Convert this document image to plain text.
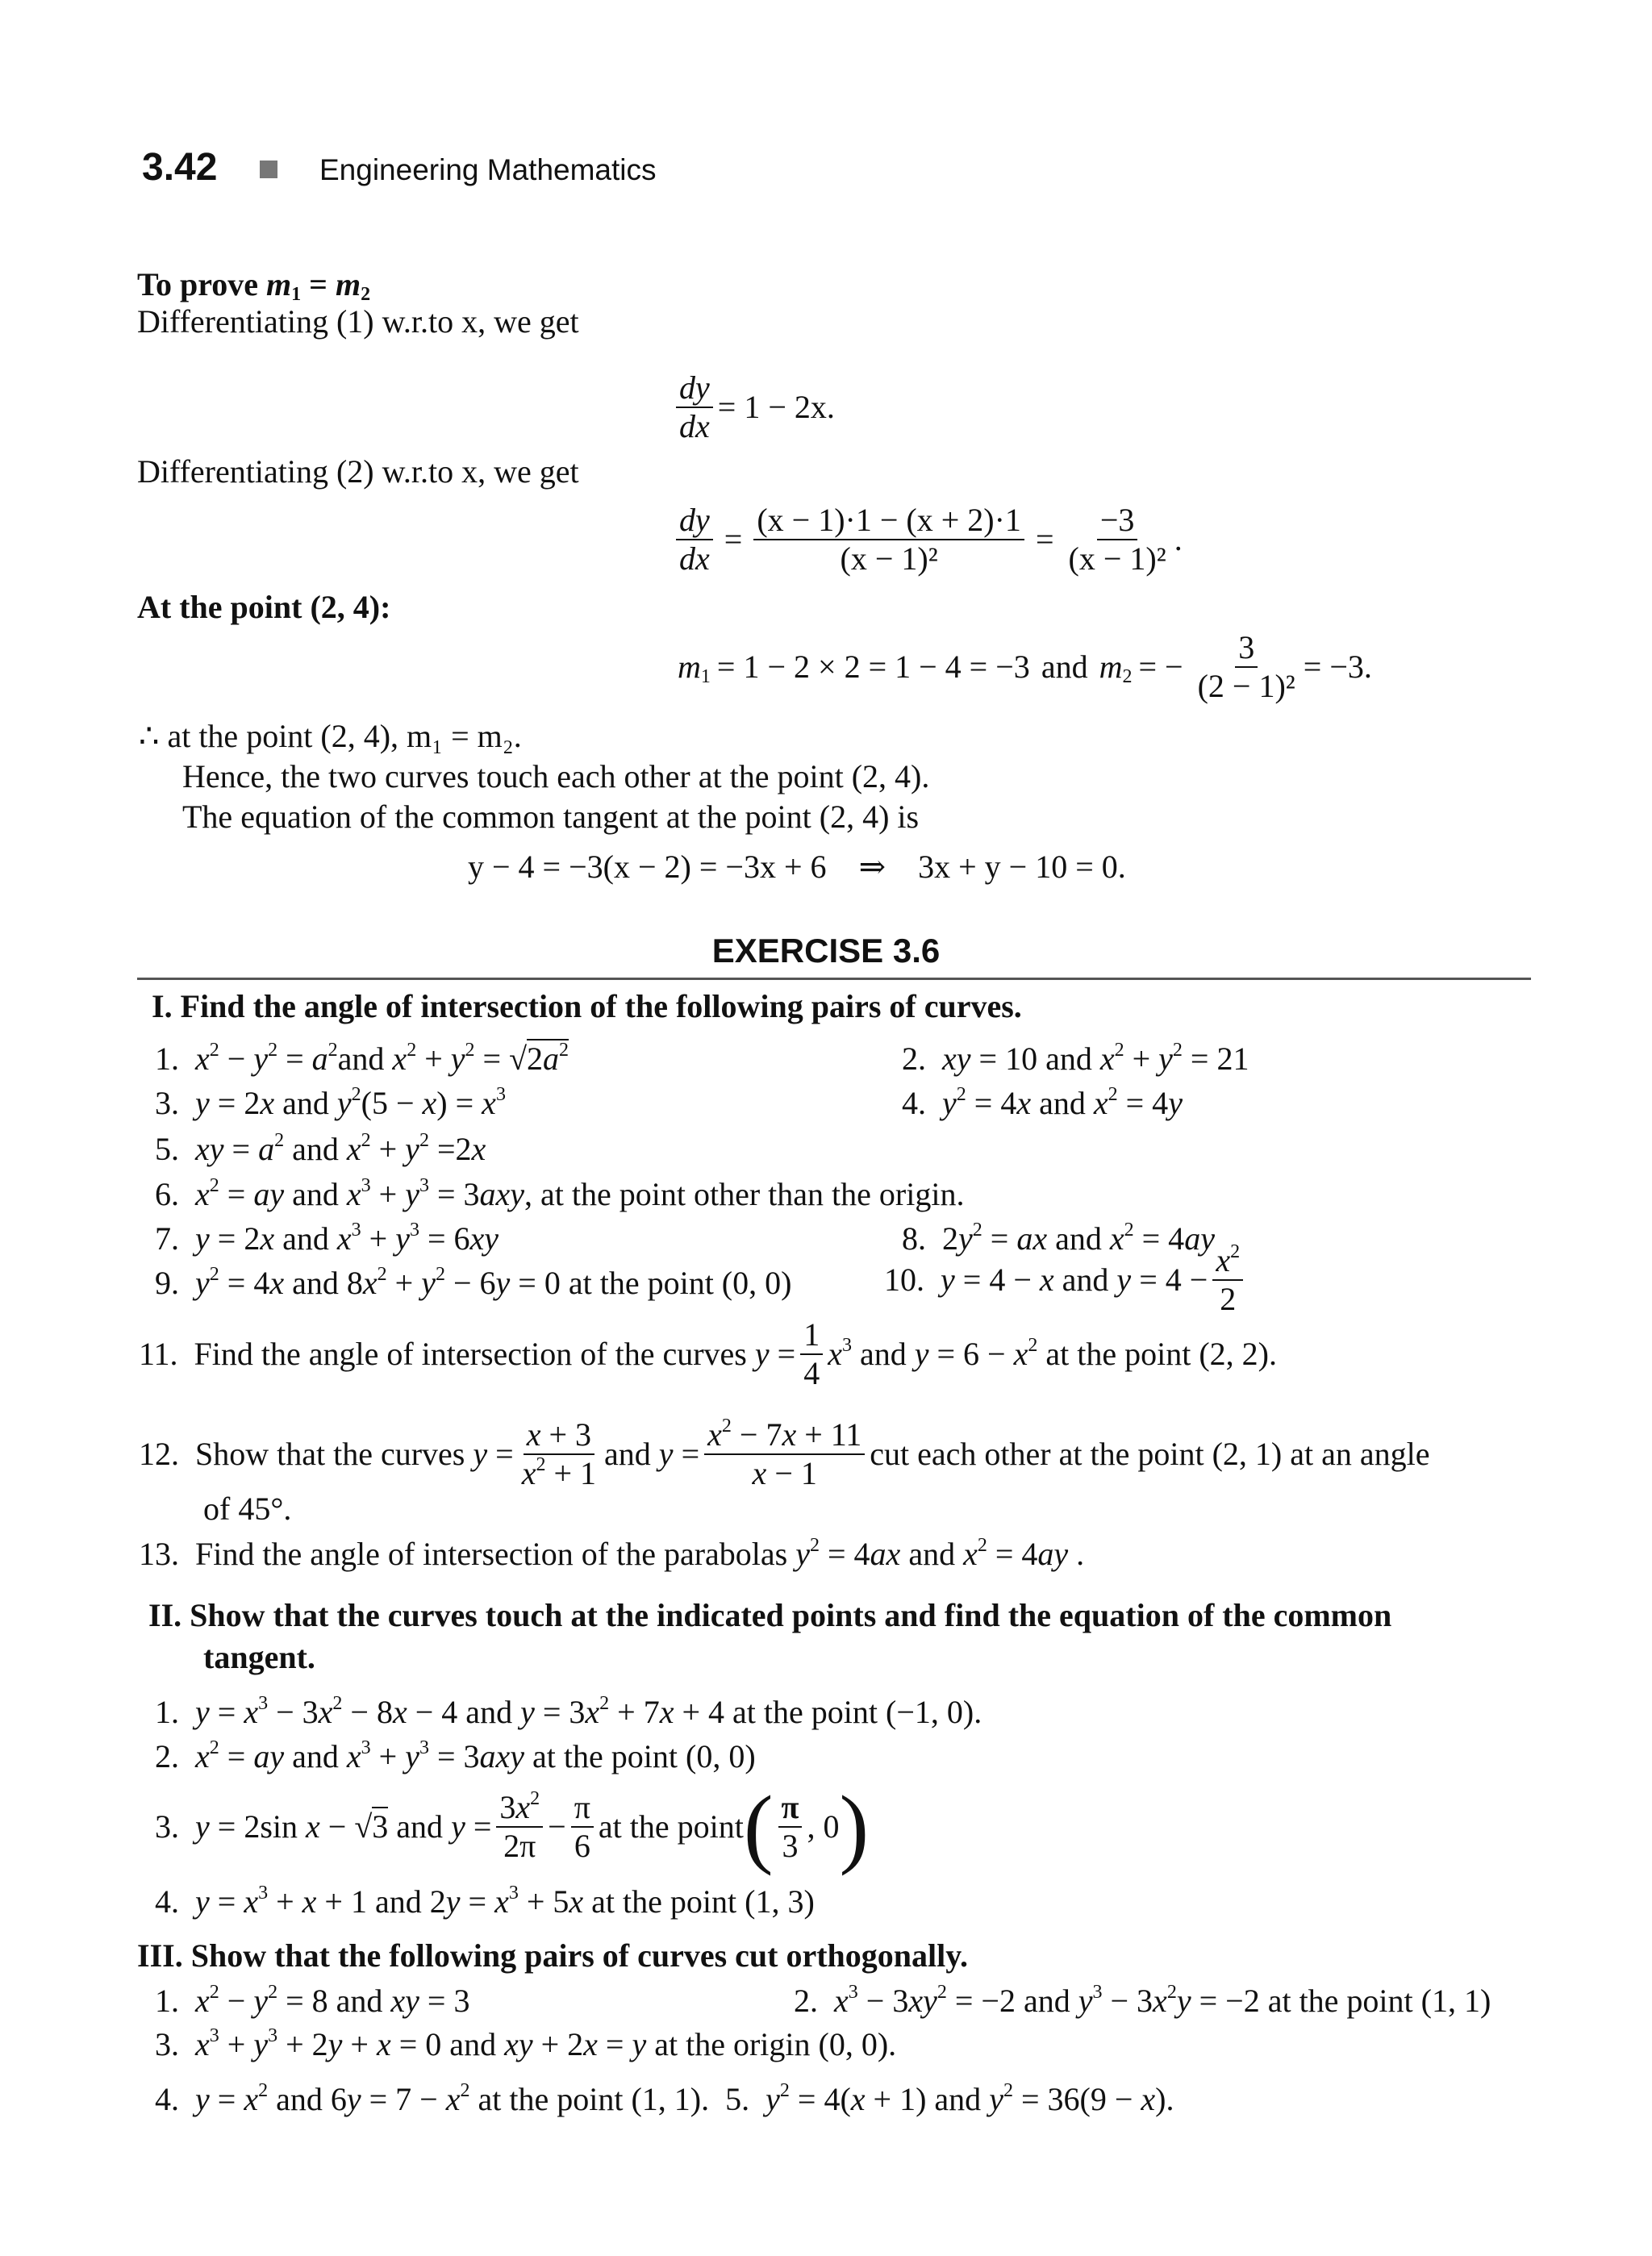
3.42	Engineering Mathematics
To prove $m_1 = m_2$
Differentiating (1) w.r.to x, we get
$\frac{dy}{dx} = 1 - 2x$.
Differentiating (2) w.r.to x, we get
$\frac{dy}{dx} = \frac{(x - 1)\cdot 1 - (x + 2)\cdot 1}{\text{(x − 1)²}} = \frac{-3}{\text{(x − 1)²}}$ .
At the point (2, 4):
$m_1 = 1 - 2 \times 2 = 1 - 4 = -3$ and $m_2$ = − $\frac{3}{\text{(2 − 1)²}} = -3$.
∴ at the point (2, 4), m₁ = m₂.
Hence, the two curves touch each other at the point (2, 4).
The equation of the common tangent at the point (2, 4) is
y − 4 = −3(x − 2) = −3x + 6 ⇒ 3x + y − 10 = 0.
EXERCISE 3.6
I. Find the angle of intersection of the following pairs of curves.
1.  $x^2 - y^2 = a^2and$ $x^2 + y^2 = √2a^2$	2.  xy = 10 and $x^2 + y^2 = 21$
3.  y = 2x and $y^2(5 - x) = x^3$	4.  $y^2 = 4x$ and $x^2 = 4y$
5.  xy = $a^2$ and $x^2 + y^2 =2x$
6.  $x^2$ = ay and $x^3 + y^3 = 3axy$, at the point other than the origin.
7.  y = 2x and $x^3 + y^3 = 6xy$	8.  $2y^2$ = ax and $x^2 = 4ay$
9.  $y^2 = 4x$ and $8x^2 + y^2 - 6y = 0$ at the point (0, 0)	10.  y = 4 − x and $y = 4 - \frac{x^2}{2}$
11.  Find the angle of intersection of the curves $y = \frac{1}{4} x^3$ and $y = 6 - x^2$ at the point (2, 2).
12.  Show that the curves $y = \frac{x + 3}{x^2 + 1}$ and $y = \frac{x^2 - 7x + 11}{x - 1}$ cut each other at the point (2, 1) at an angle
of 45°.
13.  Find the angle of intersection of the parabolas $y^2 = 4ax$ and $x^2 = 4ay$ .
II. Show that the curves touch at the indicated points and find the equation of the common
tangent.
1.  $y = x^3 - 3x^2 - 8x - 4$ and $y = 3x^2 + 7x + 4$ at the point (−1, 0).
2.  $x^2$ = ay and $x^3 + y^3 = 3axy$ at the point (0, 0)
3.  y = 2sin x − √3 and $y = \frac{3x^2}{2\pi} - \frac{\pi}{6}$ at the point ( $\frac{\pi}{3}$ , 0 )
4.  $y = x^3 + x + 1$ and $2y = x^3 + 5x$ at the point (1, 3)
III. Show that the following pairs of curves cut orthogonally.
1.  $x^2 - y^2 = 8$ and xy = 3	2.  $x^3 - 3xy^2 = -2$ and $y^3 - 3x^2y = -2$ at the point (1, 1)
3.  $x^3 + y^3 + 2y + x = 0$ and xy + 2x = y at the origin (0, 0).
4.  $y = x^2$ and $6y = 7 - x^2$ at the point (1, 1).  5.  $y^2 = 4(x + 1)$ and $y^2 = 36(9 - x)$.
